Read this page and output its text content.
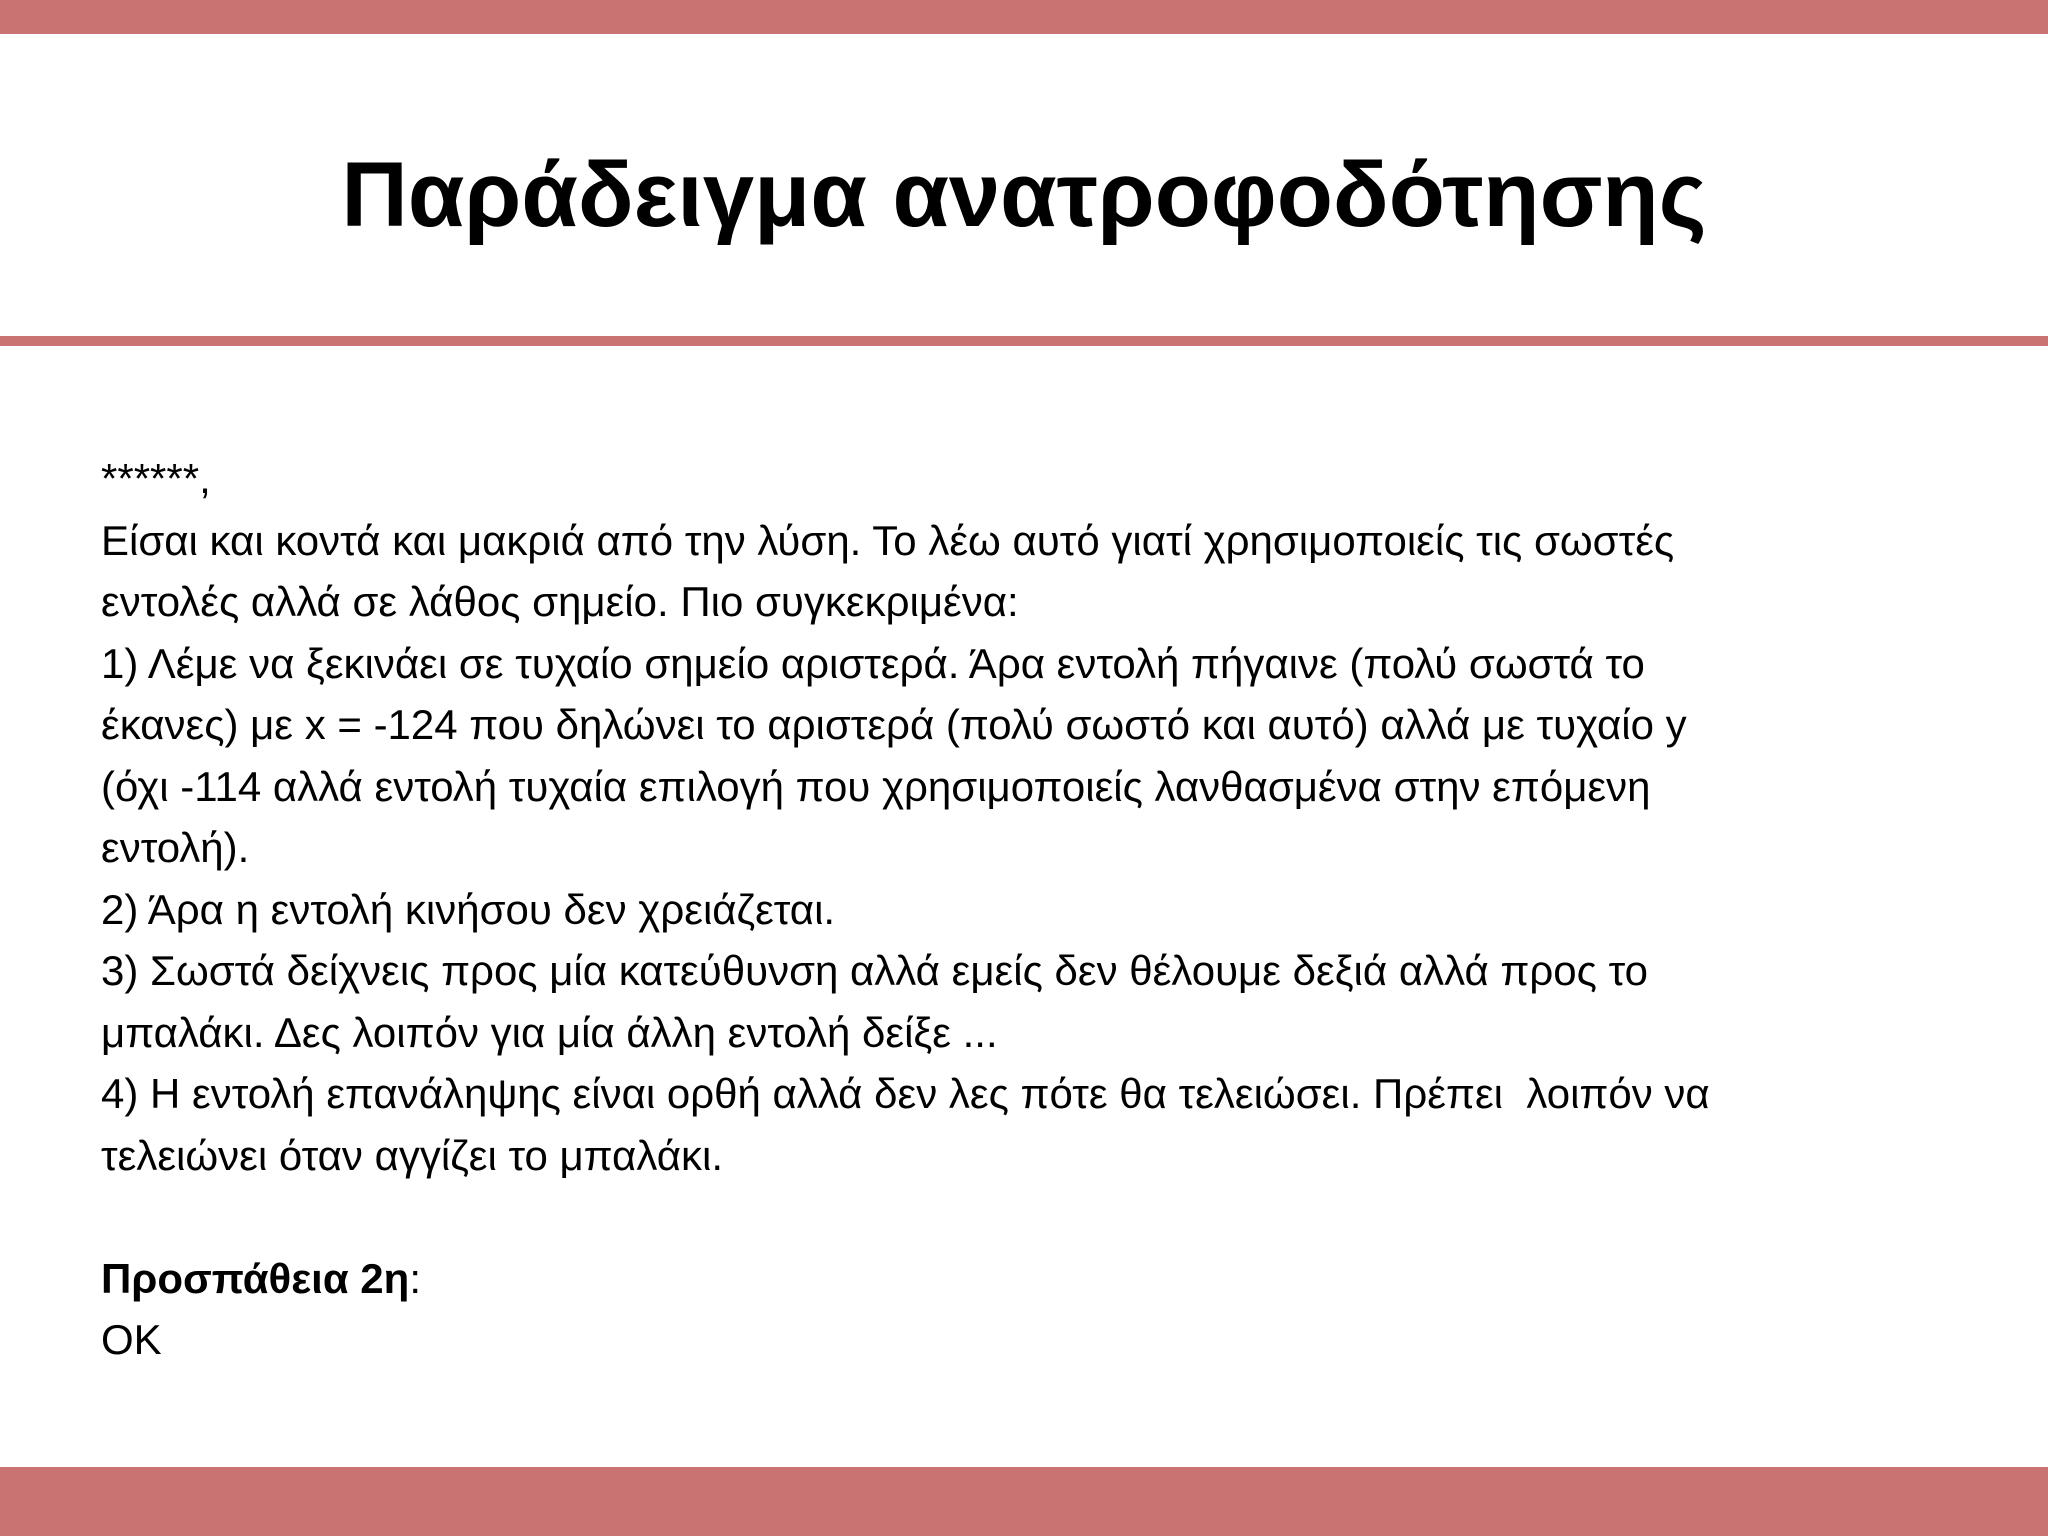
Παράδειγμα ανατροφοδότησης
******,
Είσαι και κοντά και μακριά από την λύση. Το λέω αυτό γιατί χρησιμοποιείς τις σωστές
εντολές αλλά σε λάθος σημείο. Πιο συγκεκριμένα:
1) Λέμε να ξεκινάει σε τυχαίο σημείο αριστερά. Άρα εντολή πήγαινε (πολύ σωστά το
έκανες) με x = -124 που δηλώνει το αριστερά (πολύ σωστό και αυτό) αλλά με τυχαίο y
(όχι -114 αλλά εντολή τυχαία επιλογή που χρησιμοποιείς λανθασμένα στην επόμενη
εντολή).
2) Άρα η εντολή κινήσου δεν χρειάζεται.
3) Σωστά δείχνεις προς μία κατεύθυνση αλλά εμείς δεν θέλουμε δεξιά αλλά προς το
μπαλάκι. Δες λοιπόν για μία άλλη εντολή δείξε ...
4) Η εντολή επανάληψης είναι ορθή αλλά δεν λες πότε θα τελειώσει. Πρέπει  λοιπόν να
τελειώνει όταν αγγίζει το μπαλάκι.
Προσπάθεια 2η:
OK
